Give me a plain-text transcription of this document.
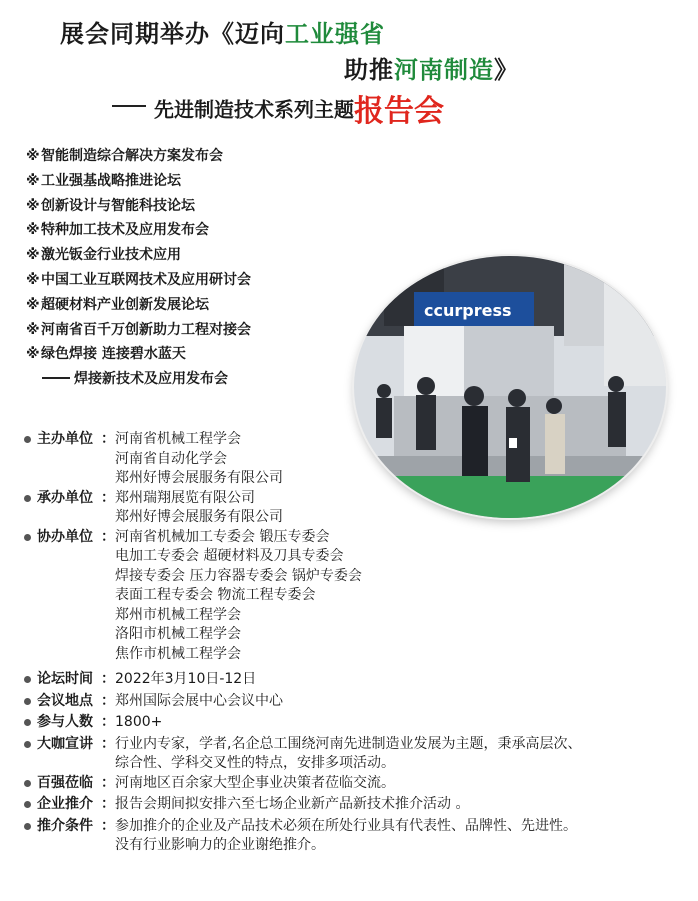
展会同期举办《迈向工业强省
助推河南制造》
先进制造技术系列主题报告会
※智能制造综合解决方案发布会
※工业强基战略推进论坛
※创新设计与智能科技论坛
※特种加工技术及应用发布会
※激光钣金行业技术应用
※中国工业互联网技术及应用研讨会
※超硬材料产业创新发展论坛
※河南省百千万创新助力工程对接会
※绿色焊接 连接碧水蓝天
焊接新技术及应用发布会
ccurpress
主办单位 ： 河南省机械工程学会
河南省自动化学会
郑州好博会展服务有限公司
承办单位 ： 郑州瑞翔展览有限公司
郑州好博会展服务有限公司
协办单位 ： 河南省机械加工专委会 锻压专委会
电加工专委会 超硬材料及刀具专委会
焊接专委会 压力容器专委会 锅炉专委会
表面工程专委会 物流工程专委会
郑州市机械工程学会
洛阳市机械工程学会
焦作市机械工程学会
论坛时间 ： 2022年3月10日-12日
会议地点 ： 郑州国际会展中心会议中心
参与人数 ： 1800+
大咖宣讲 ： 行业内专家，学者,名企总工围绕河南先进制造业发展为主题，秉承高层次、
综合性、学科交叉性的特点，安排多项活动。
百强莅临 ： 河南地区百余家大型企事业决策者莅临交流。
企业推介 ： 报告会期间拟安排六至七场企业新产品新技术推介活动 。
推介条件 ： 参加推介的企业及产品技术必须在所处行业具有代表性、品牌性、先进性。
没有行业影响力的企业谢绝推介。
